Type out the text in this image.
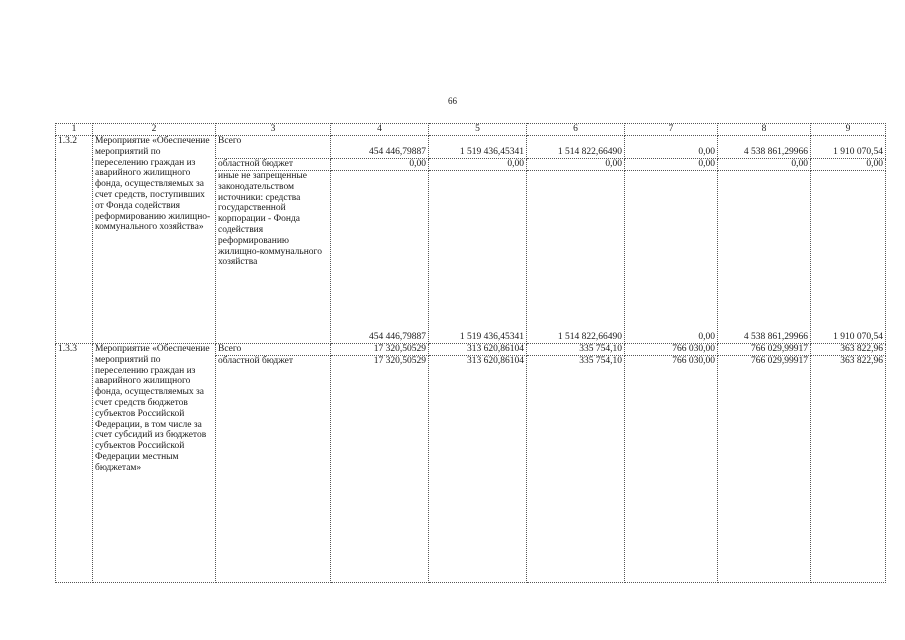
66
1	2	3	4	5	6	7	8	9
1.3.2	Мероприятие «Обеспечение мероприятий по переселению граждан из аварийного жилищного фонда, осуществляемых за счет средств, поступивших от Фонда содействия реформированию жилищно-коммунального хозяйства»	Всего	454 446,79887	1 519 436,45341	1 514 822,66490	0,00	4 538 861,29966	1 910 070,54
		областной бюджет	0,00	0,00	0,00	0,00	0,00	0,00
		иные не запрещенные законодательством источники: средства государственной корпорации - Фонда содействия реформированию жилищно-коммунального хозяйства	454 446,79887	1 519 436,45341	1 514 822,66490	0,00	4 538 861,29966	1 910 070,54
1.3.3	Мероприятие «Обеспечение мероприятий по переселению граждан из аварийного жилищного фонда, осуществляемых за счет средств бюджетов субъектов Российской Федерации, в том числе за счет субсидий из бюджетов субъектов Российской Федерации местным бюджетам»	Всего	17 320,50529	313 620,86104	335 754,10	766 030,00	766 029,99917	363 822,96
		областной бюджет	17 320,50529	313 620,86104	335 754,10	766 030,00	766 029,99917	363 822,96
